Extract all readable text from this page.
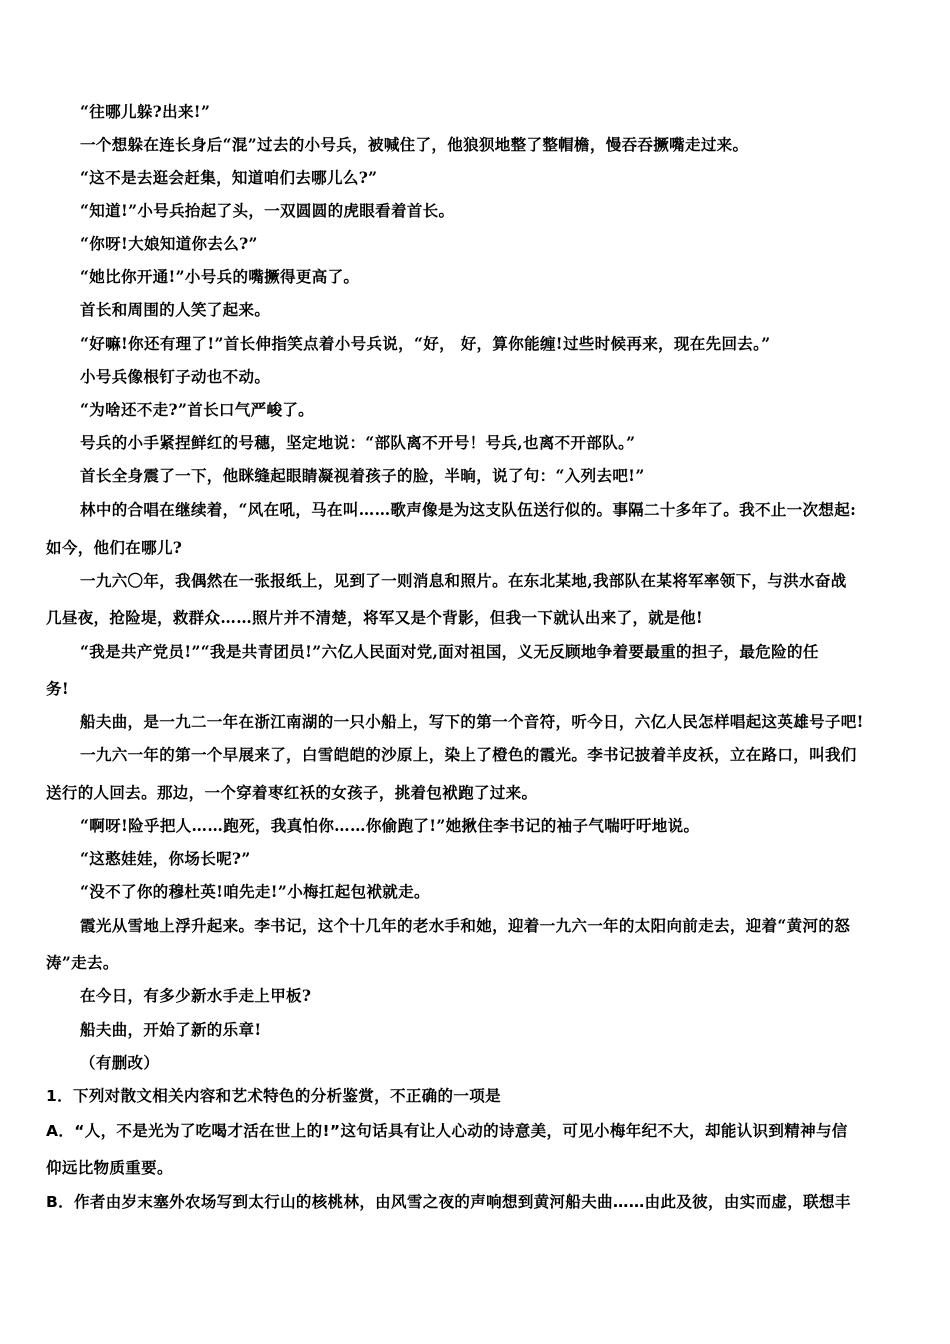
“往哪儿躲?出来!”
一个想躲在连长身后“混”过去的小号兵，被喊住了，他狼狈地整了整帽檐，慢吞吞撅嘴走过来。
“这不是去逛会赶集，知道咱们去哪儿么?”
“知道!”小号兵抬起了头，一双圆圆的虎眼看着首长。
“你呀!大娘知道你去么?”
“她比你开通!”小号兵的嘴撅得更高了。
首长和周围的人笑了起来。
“好嘛!你还有理了!”首长伸指笑点着小号兵说，“好， 好，算你能缠!过些时候再来，现在先回去。”
小号兵像根钉子动也不动。
“为啥还不走?”首长口气严峻了。
号兵的小手紧捏鲜红的号穗，坚定地说：“部队离不开号！号兵,也离不开部队。”
首长全身震了一下，他眯缝起眼睛凝视着孩子的脸，半晌，说了句：“入列去吧!”
林中的合唱在继续着，“风在吼，马在叫……歌声像是为这支队伍送行似的。事隔二十多年了。我不止一次想起:
如今，他们在哪儿?
一九六〇年，我偶然在一张报纸上，见到了一则消息和照片。在东北某地,我部队在某将军率领下，与洪水奋战
几昼夜，抢险堤，救群众……照片并不清楚，将军又是个背影，但我一下就认出来了，就是他!
“我是共产党员!”“我是共青团员!”六亿人民面对党,面对祖国，义无反顾地争着要最重的担子，最危险的任
务!
船夫曲，是一九二一年在浙江南湖的一只小船上，写下的第一个音符，听今日，六亿人民怎样唱起这英雄号子吧!
一九六一年的第一个早展来了，白雪皑皑的沙原上，染上了橙色的霞光。李书记披着羊皮袄，立在路口，叫我们
送行的人回去。那边，一个穿着枣红袄的女孩子，挑着包袱跑了过来。
“啊呀!险乎把人……跑死，我真怕你……你偷跑了!”她揪住李书记的袖子气喘吁吁地说。
“这憨娃娃，你场长呢?”
“没不了你的穆杜英!咱先走!”小梅扛起包袱就走。
霞光从雪地上浮升起来。李书记，这个十几年的老水手和她，迎着一九六一年的太阳向前走去，迎着“黄河的怒
涛”走去。
在今日，有多少新水手走上甲板?
船夫曲，开始了新的乐章!
（有删改）
1．下列对散文相关内容和艺术特色的分析鉴赏，不正确的一项是
A．“人，不是光为了吃喝才活在世上的!”这句话具有让人心动的诗意美，可见小梅年纪不大，却能认识到精神与信
仰远比物质重要。
B．作者由岁末塞外农场写到太行山的核桃林，由风雪之夜的声响想到黄河船夫曲……由此及彼，由实而虚，联想丰
